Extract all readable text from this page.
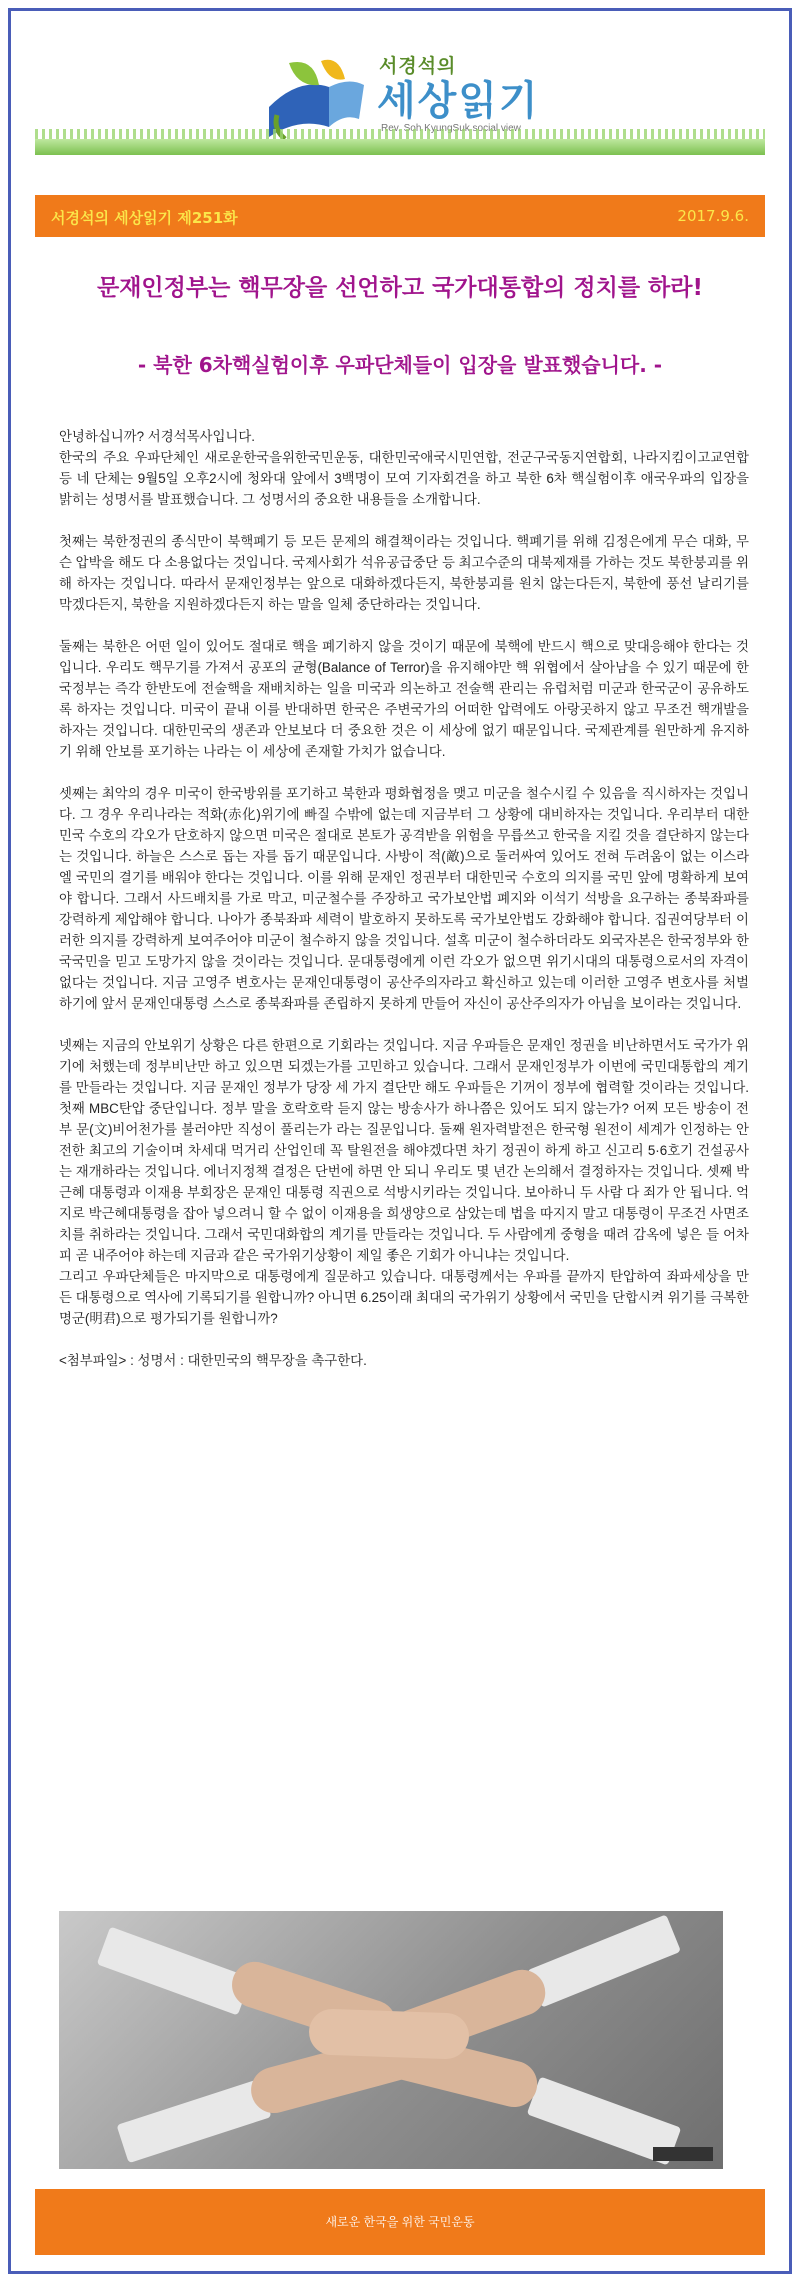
서경석의
세상읽기
서경석의 세상읽기 제251화	2017.9.6.
문재인정부는 핵무장을 선언하고 국가대통합의 정치를 하라!
- 북한 6차핵실험이후 우파단체들이 입장을 발표했습니다. -

안녕하십니까? 서경석목사입니다.
한국의 주요 우파단체인 새로운한국을위한국민운동, 대한민국애국시민연합, 전군구국동지연합회, 나라지킴이고교연합 등 네 단체는 9월5일 오후2시에 청와대 앞에서 3백명이 모여 기자회견을 하고 북한 6차 핵실험이후 애국우파의 입장을 밝히는 성명서를 발표했습니다. 그 성명서의 중요한 내용들을 소개합니다.

첫째는 북한정권의 종식만이 북핵폐기 등 모든 문제의 해결책이라는 것입니다. 핵폐기를 위해 김정은에게 무슨 대화, 무슨 압박을 해도 다 소용없다는 것입니다. 국제사회가 석유공급중단 등 최고수준의 대북제재를 가하는 것도 북한붕괴를 위해 하자는 것입니다. 따라서 문재인정부는 앞으로 대화하겠다든지, 북한붕괴를 원치 않는다든지, 북한에 풍선 날리기를 막겠다든지, 북한을 지원하겠다든지 하는 말을 일체 중단하라는 것입니다.

둘째는 북한은 어떤 일이 있어도 절대로 핵을 폐기하지 않을 것이기 때문에 북핵에 반드시 핵으로 맞대응해야 한다는 것입니다. 우리도 핵무기를 가져서 공포의 균형(Balance of Terror)을 유지해야만 핵 위협에서 살아남을 수 있기 때문에 한국정부는 즉각 한반도에 전술핵을 재배치하는 일을 미국과 의논하고 전술핵 관리는 유럽처럼 미군과 한국군이 공유하도록 하자는 것입니다. 미국이 끝내 이를 반대하면 한국은 주변국가의 어떠한 압력에도 아랑곳하지 않고 무조건 핵개발을 하자는 것입니다. 대한민국의 생존과 안보보다 더 중요한 것은 이 세상에 없기 때문입니다. 국제관계를 원만하게 유지하기 위해 안보를 포기하는 나라는 이 세상에 존재할 가치가 없습니다.

셋째는 최악의 경우 미국이 한국방위를 포기하고 북한과 평화협정을 맺고 미군을 철수시킬 수 있음을 직시하자는 것입니다. 그 경우 우리나라는 적화(赤化)위기에 빠질 수밖에 없는데 지금부터 그 상황에 대비하자는 것입니다. 우리부터 대한민국 수호의 각오가 단호하지 않으면 미국은 절대로 본토가 공격받을 위험을 무릅쓰고 한국을 지킬 것을 결단하지 않는다는 것입니다. 하늘은 스스로 돕는 자를 돕기 때문입니다. 사방이 적(敵)으로 둘러싸여 있어도 전혀 두려움이 없는 이스라엘 국민의 결기를 배워야 한다는 것입니다. 이를 위해 문재인 정권부터 대한민국 수호의 의지를 국민 앞에 명확하게 보여야 합니다. 그래서 사드배치를 가로 막고, 미군철수를 주장하고 국가보안법 폐지와 이석기 석방을 요구하는 종북좌파를 강력하게 제압해야 합니다. 나아가 종북좌파 세력이 발호하지 못하도록 국가보안법도 강화해야 합니다. 집권여당부터 이러한 의지를 강력하게 보여주어야 미군이 철수하지 않을 것입니다. 설혹 미군이 철수하더라도 외국자본은 한국정부와 한국국민을 믿고 도망가지 않을 것이라는 것입니다. 문대통령에게 이런 각오가 없으면 위기시대의 대통령으로서의 자격이 없다는 것입니다. 지금 고영주 변호사는 문재인대통령이 공산주의자라고 확신하고 있는데 이러한 고영주 변호사를 처벌하기에 앞서 문재인대통령 스스로 종북좌파를 존립하지 못하게 만들어 자신이 공산주의자가 아님을 보이라는 것입니다.

넷째는 지금의 안보위기 상황은 다른 한편으로 기회라는 것입니다. 지금 우파들은 문재인 정권을 비난하면서도 국가가 위기에 처했는데 정부비난만 하고 있으면 되겠는가를 고민하고 있습니다. 그래서 문재인정부가 이번에 국민대통합의 계기를 만들라는 것입니다. 지금 문재인 정부가 당장 세 가지 결단만 해도 우파들은 기꺼이 정부에 협력할 것이라는 것입니다. 첫째 MBC탄압 중단입니다. 정부 말을 호락호락 듣지 않는 방송사가 하나쯤은 있어도 되지 않는가? 어찌 모든 방송이 전부 문(文)비어천가를 불러야만 직성이 풀리는가 라는 질문입니다. 둘째 원자력발전은 한국형 원전이 세계가 인정하는 안전한 최고의 기술이며 차세대 먹거리 산업인데 꼭 탈원전을 해야겠다면 차기 정권이 하게 하고 신고리 5·6호기 건설공사는 재개하라는 것입니다. 에너지정책 결정은 단번에 하면 안 되니 우리도 몇 년간 논의해서 결정하자는 것입니다. 셋째 박근혜 대통령과 이재용 부회장은 문재인 대통령 직권으로 석방시키라는 것입니다. 보아하니 두 사람 다 죄가 안 됩니다. 억지로 박근혜대통령을 잡아 넣으려니 할 수 없이 이재용을 희생양으로 삼았는데 법을 따지지 말고 대통령이 무조건 사면조치를 취하라는 것입니다. 그래서 국민대화합의 계기를 만들라는 것입니다. 두 사람에게 중형을 때려 감옥에 넣은 들 어차피 곧 내주어야 하는데 지금과 같은 국가위기상황이 제일 좋은 기회가 아니냐는 것입니다.
그리고 우파단체들은 마지막으로 대통령에게 질문하고 있습니다. 대통령께서는 우파를 끝까지 탄압하여 좌파세상을 만든 대통령으로 역사에 기록되기를 원합니까? 아니면 6.25이래 최대의 국가위기 상황에서 국민을 단합시켜 위기를 극복한 명군(明君)으로 평가되기를 원합니까?

<첨부파일> : 성명서 : 대한민국의 핵무장을 촉구한다.

새로운 한국을 위한 국민운동
